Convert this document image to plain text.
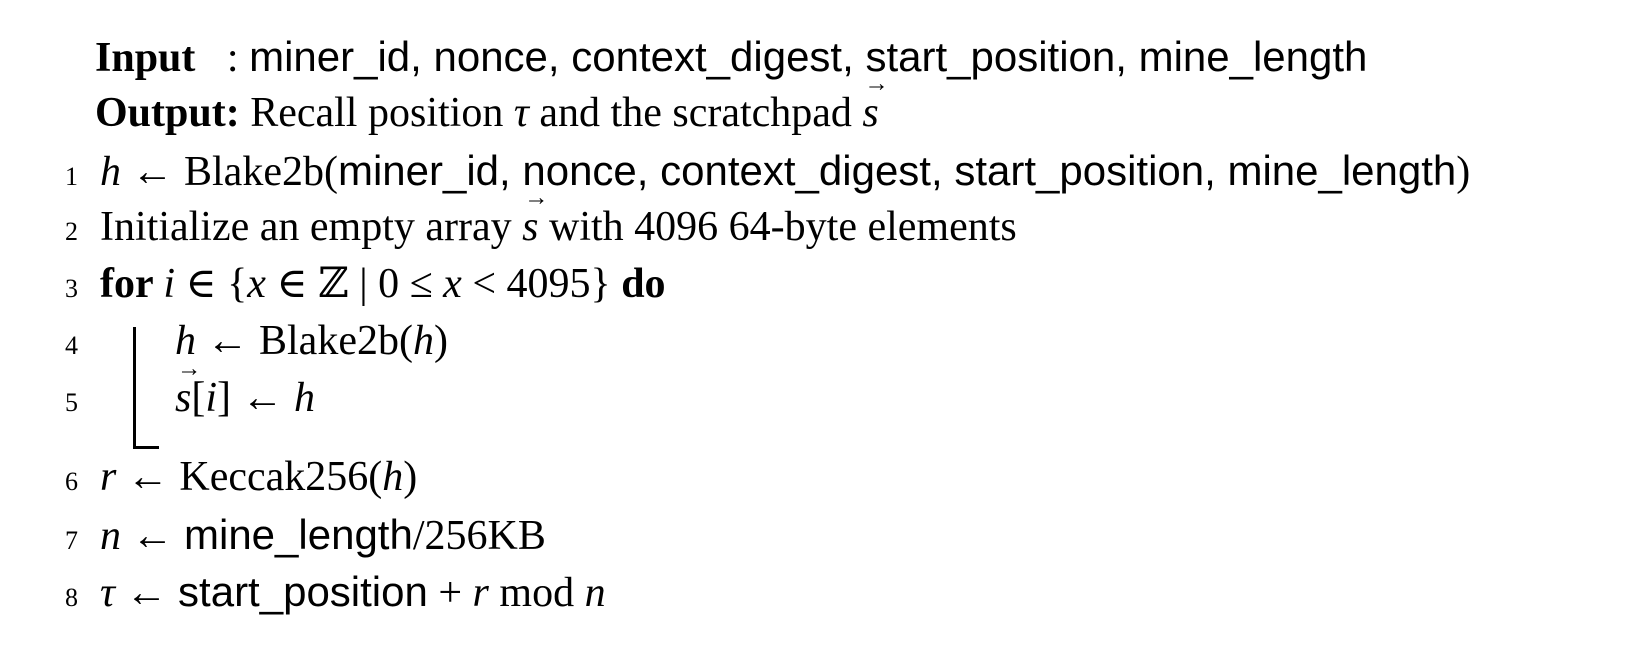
Input   : miner_id, nonce, context_digest, start_position, mine_length
Output: Recall position τ and the scratchpad → s
1 h ← Blake2b(miner_id, nonce, context_digest, start_position, mine_length)
2 Initialize an empty array → s with 4096 64-byte elements
3 for i ∈ {x ∈ ℤ | 0 ≤ x < 4095} do
4	h ← Blake2b(h)
5	→ s[i] ← h
6 r ← Keccak256(h)
7 n ← mine_length/256KB
8 τ ← start_position + r mod n
